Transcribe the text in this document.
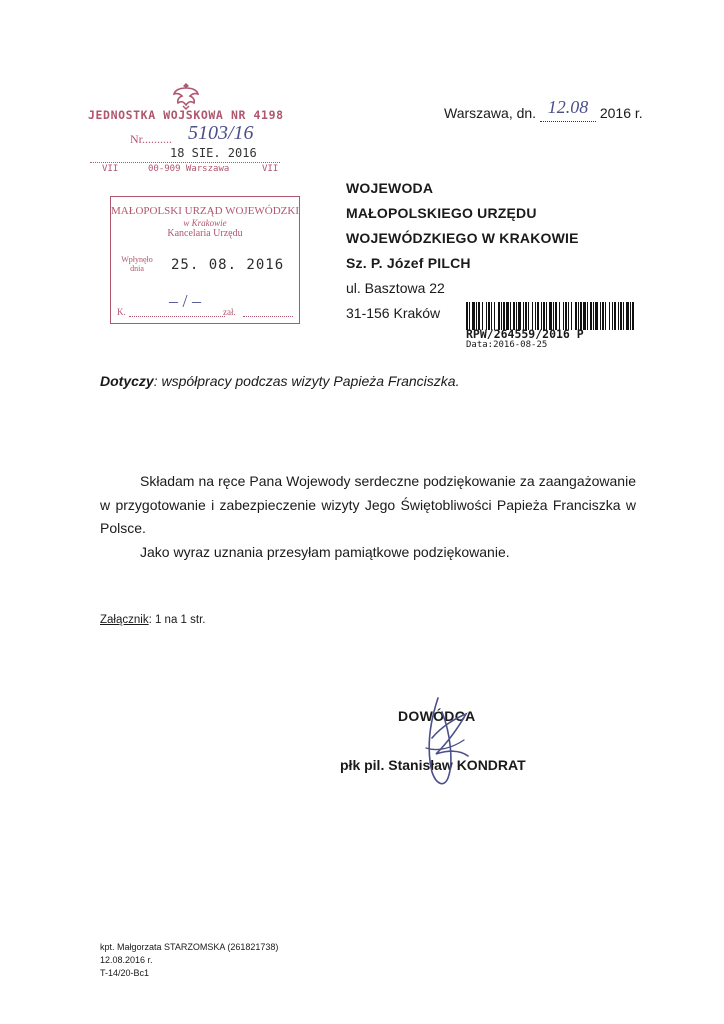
JEDNOSTKA WOJSKOWA NR 4198
Nr.......... 5103/16
18 SIE. 2016
VII	00-909 Warszawa	VII
MAŁOPOLSKI URZĄD WOJEWÓDZKI
w Krakowie
Kancelaria Urzędu
Wpłynęło dnia	25. 08. 2016
– / –
K.	zał.
Warszawa, dn. 12.08 2016 r.
WOJEWODA
MAŁOPOLSKIEGO URZĘDU
WOJEWÓDZKIEGO W KRAKOWIE
Sz. P. Józef PILCH
ul. Basztowa 22
31-156 Kraków
RPW/264559/2016 P
Data:2016-08-25
Dotyczy: współpracy podczas wizyty Papieża Franciszka.

Składam na ręce Pana Wojewody serdeczne podziękowanie za zaangażowanie w przygotowanie i zabezpieczenie wizyty Jego Świętobliwości Papieża Franciszka w Polsce.

Jako wyraz uznania przesyłam pamiątkowe podziękowanie.

Załącznik: 1 na 1 str.
DOWÓDCA
płk pil. Stanisław KONDRAT
kpt. Małgorzata STARZOMSKA (261821738)
12.08.2016 r.
T-14/20-Bc1
